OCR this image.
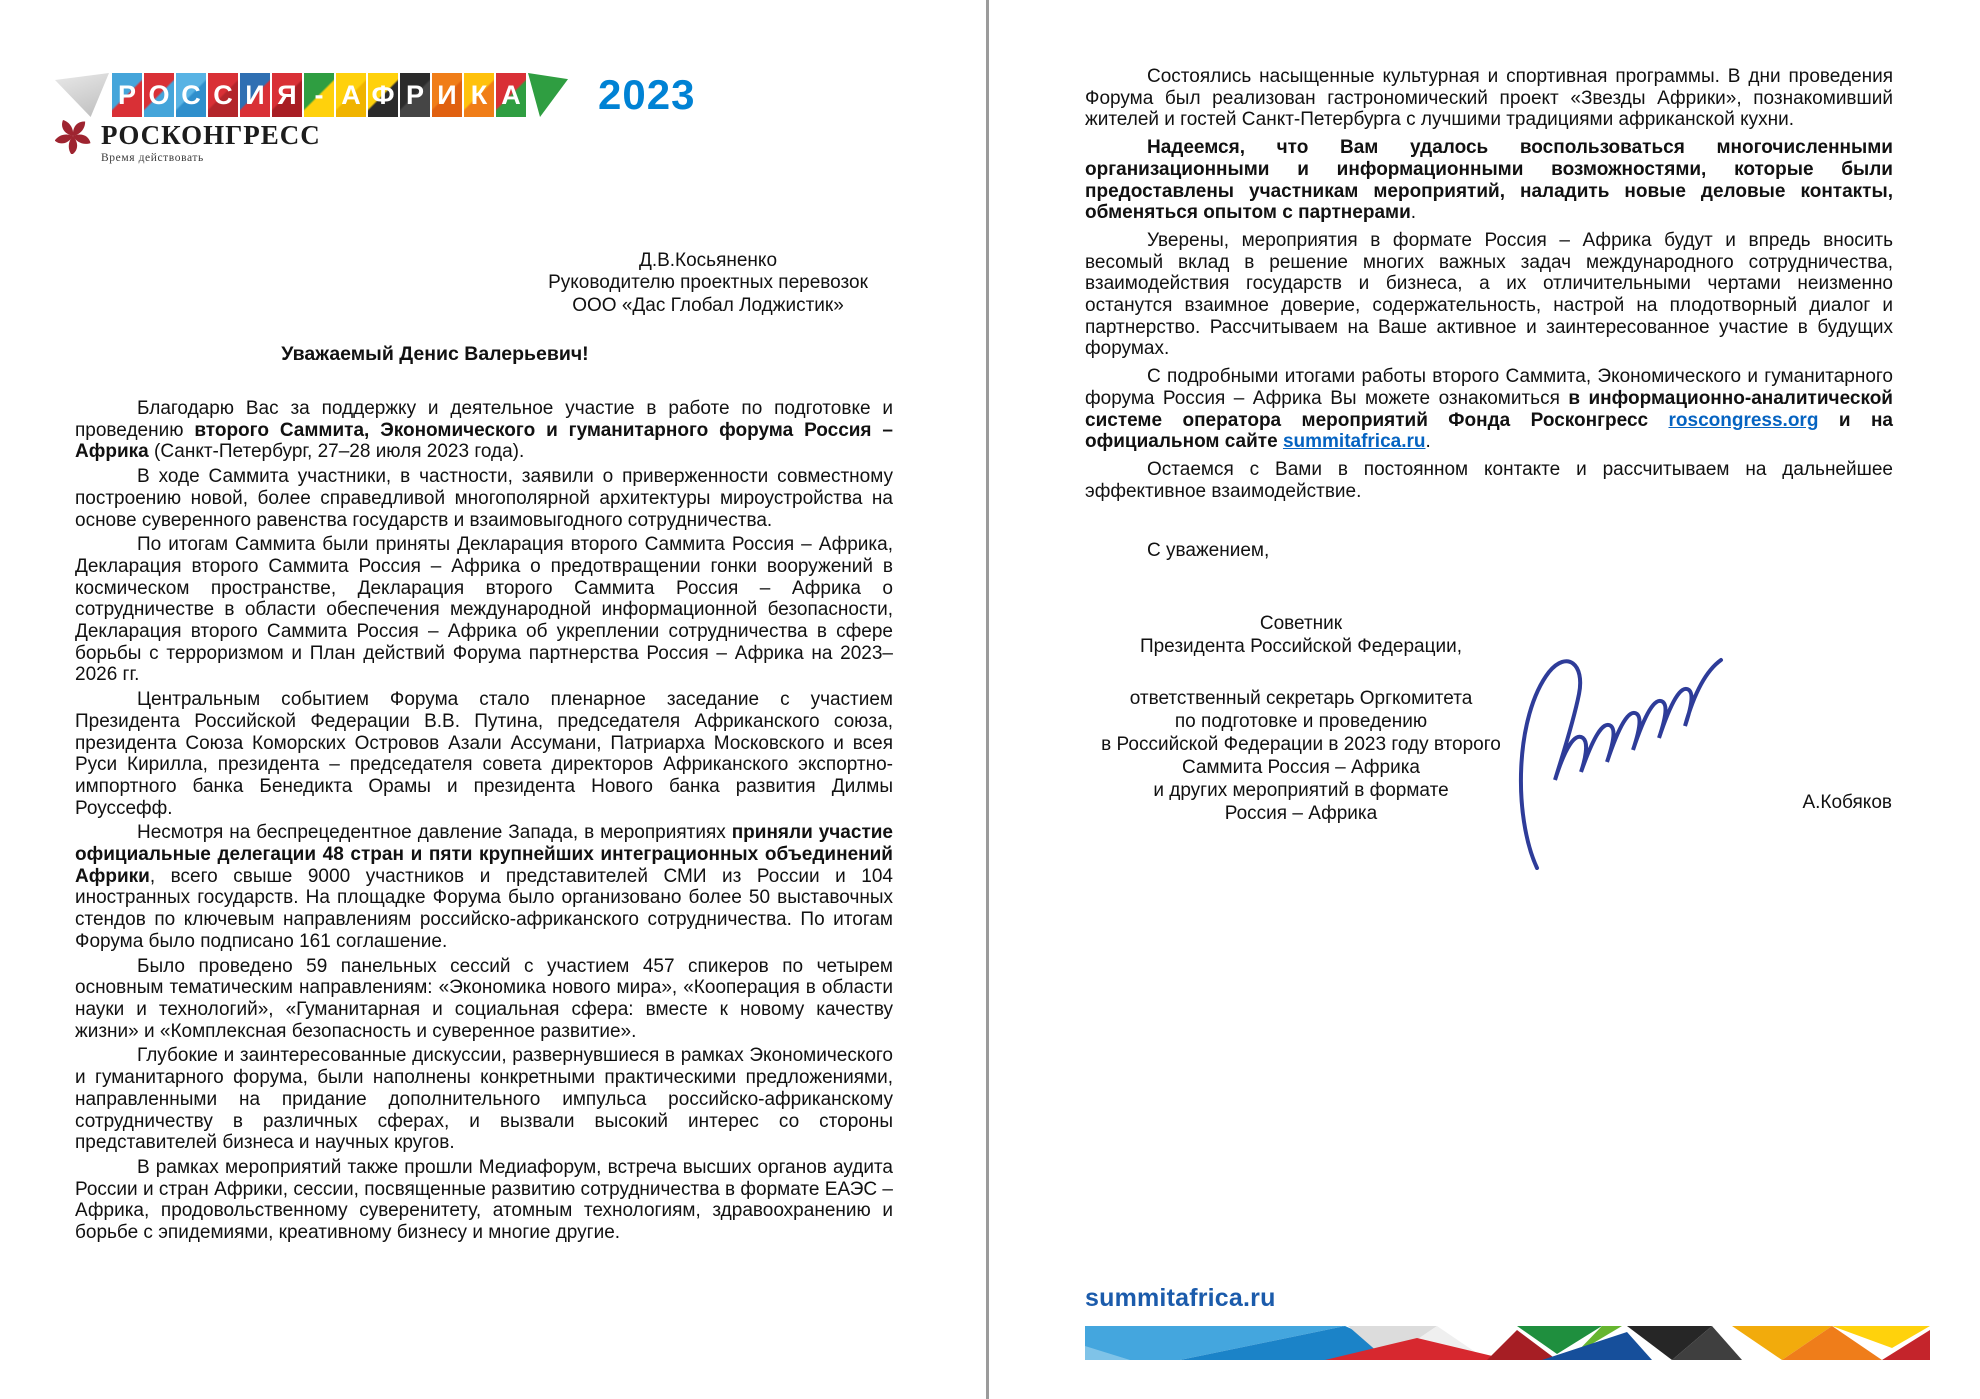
Р О С С И Я - А Ф Р И К А 2023
РОСКОНГРЕСС
Время действовать
Д.В.Косьяненко
Руководителю проектных перевозок
ООО «Дас Глобал Лоджистик»
Уважаемый Денис Валерьевич!

Благодарю Вас за поддержку и деятельное участие в работе по подготовке и проведению второго Саммита, Экономического и гуманитарного форума Россия – Африка (Санкт-Петербург, 27–28 июля 2023 года).

В ходе Саммита участники, в частности, заявили о приверженности совместному построению новой, более справедливой многополярной архитектуры мироустройства на основе суверенного равенства государств и взаимовыгодного сотрудничества.

По итогам Саммита были приняты Декларация второго Саммита Россия – Африка, Декларация второго Саммита Россия – Африка о предотвращении гонки вооружений в космическом пространстве, Декларация второго Саммита Россия – Африка о сотрудничестве в области обеспечения международной информационной безопасности, Декларация второго Саммита Россия – Африка об укреплении сотрудничества в сфере борьбы с терроризмом и План действий Форума партнерства Россия – Африка на 2023–2026 гг.

Центральным событием Форума стало пленарное заседание с участием Президента Российской Федерации В.В. Путина, председателя Африканского союза, президента Союза Коморских Островов Азали Ассумани, Патриарха Московского и всея Руси Кирилла, президента – председателя совета директоров Африканского экспортно-импортного банка Бенедикта Орамы и президента Нового банка развития Дилмы Роуссефф.

Несмотря на беспрецедентное давление Запада, в мероприятиях приняли участие официальные делегации 48 стран и пяти крупнейших интеграционных объединений Африки, всего свыше 9000 участников и представителей СМИ из России и 104 иностранных государств. На площадке Форума было организовано более 50 выставочных стендов по ключевым направлениям российско-африканского сотрудничества. По итогам Форума было подписано 161 соглашение.

Было проведено 59 панельных сессий с участием 457 спикеров по четырем основным тематическим направлениям: «Экономика нового мира», «Кооперация в области науки и технологий», «Гуманитарная и социальная сфера: вместе к новому качеству жизни» и «Комплексная безопасность и суверенное развитие».

Глубокие и заинтересованные дискуссии, развернувшиеся в рамках Экономического и гуманитарного форума, были наполнены конкретными практическими предложениями, направленными на придание дополнительного импульса российско-африканскому сотрудничеству в различных сферах, и вызвали высокий интерес со стороны представителей бизнеса и научных кругов.

В рамках мероприятий также прошли Медиафорум, встреча высших органов аудита России и стран Африки, сессии, посвященные развитию сотрудничества в формате ЕАЭС – Африка, продовольственному суверенитету, атомным технологиям, здравоохранению и борьбе с эпидемиями, креативному бизнесу и многие другие.

Состоялись насыщенные культурная и спортивная программы. В дни проведения Форума был реализован гастрономический проект «Звезды Африки», познакомивший жителей и гостей Санкт-Петербурга с лучшими традициями африканской кухни.

Надеемся, что Вам удалось воспользоваться многочисленными организационными и информационными возможностями, которые были предоставлены участникам мероприятий, наладить новые деловые контакты, обменяться опытом с партнерами.

Уверены, мероприятия в формате Россия – Африка будут и впредь вносить весомый вклад в решение многих важных задач международного сотрудничества, взаимодействия государств и бизнеса, а их отличительными чертами неизменно останутся взаимное доверие, содержательность, настрой на плодотворный диалог и партнерство. Рассчитываем на Ваше активное и заинтересованное участие в будущих форумах.

С подробными итогами работы второго Саммита, Экономического и гуманитарного форума Россия – Африка Вы можете ознакомиться в информационно-аналитической системе оператора мероприятий Фонда Росконгресс roscongress.org и на официальном сайте summitafrica.ru.

Остаемся с Вами в постоянном контакте и рассчитываем на дальнейшее эффективное взаимодействие.

С уважением,
Советник
Президента Российской Федерации,
ответственный секретарь Оргкомитета
по подготовке и проведению
в Российской Федерации в 2023 году второго
Саммита Россия – Африка
и других мероприятий в формате
Россия – Африка
А.Кобяков
summitafrica.ru
